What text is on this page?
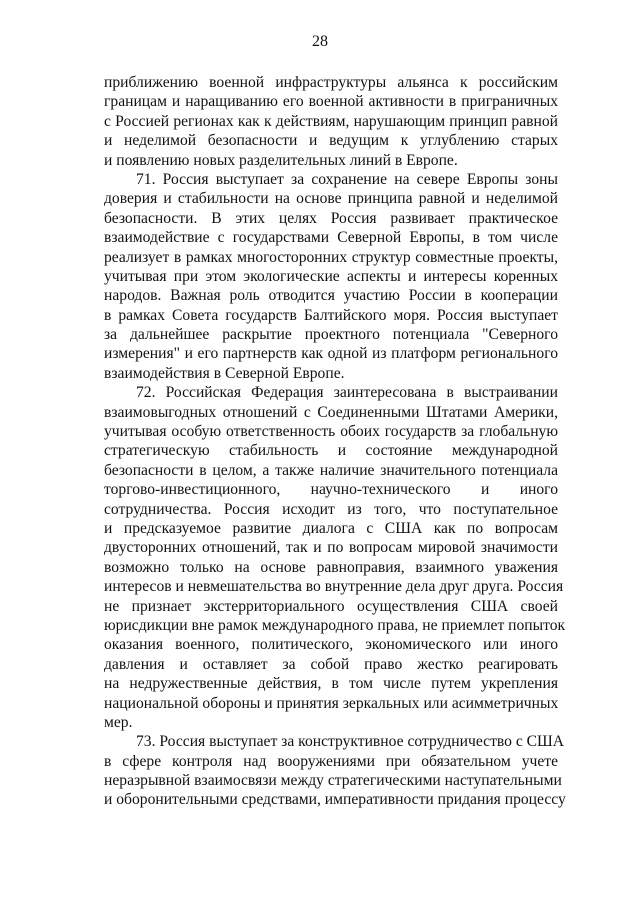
28
приближению военной инфраструктуры альянса к российским
границам и наращиванию его военной активности в приграничных
с Россией регионах как к действиям, нарушающим принцип равной
и неделимой безопасности и ведущим к углублению старых
и появлению новых разделительных линий в Европе.
71. Россия выступает за сохранение на севере Европы зоны
доверия и стабильности на основе принципа равной и неделимой
безопасности. В этих целях Россия развивает практическое
взаимодействие с государствами Северной Европы, в том числе
реализует в рамках многосторонних структур совместные проекты,
учитывая при этом экологические аспекты и интересы коренных
народов. Важная роль отводится участию России в кооперации
в рамках Совета государств Балтийского моря. Россия выступает
за дальнейшее раскрытие проектного потенциала "Северного
измерения" и его партнерств как одной из платформ регионального
взаимодействия в Северной Европе.
72. Российская Федерация заинтересована в выстраивании
взаимовыгодных отношений с Соединенными Штатами Америки,
учитывая особую ответственность обоих государств за глобальную
стратегическую стабильность и состояние международной
безопасности в целом, а также наличие значительного потенциала
торгово-инвестиционного, научно-технического и иного
сотрудничества. Россия исходит из того, что поступательное
и предсказуемое развитие диалога с США как по вопросам
двусторонних отношений, так и по вопросам мировой значимости
возможно только на основе равноправия, взаимного уважения
интересов и невмешательства во внутренние дела друг друга. Россия
не признает экстерриториального осуществления США своей
юрисдикции вне рамок международного права, не приемлет попыток
оказания военного, политического, экономического или иного
давления и оставляет за собой право жестко реагировать
на недружественные действия, в том числе путем укрепления
национальной обороны и принятия зеркальных или асимметричных
мер.
73. Россия выступает за конструктивное сотрудничество с США
в сфере контроля над вооружениями при обязательном учете
неразрывной взаимосвязи между стратегическими наступательными
и оборонительными средствами, императивности придания процессу
